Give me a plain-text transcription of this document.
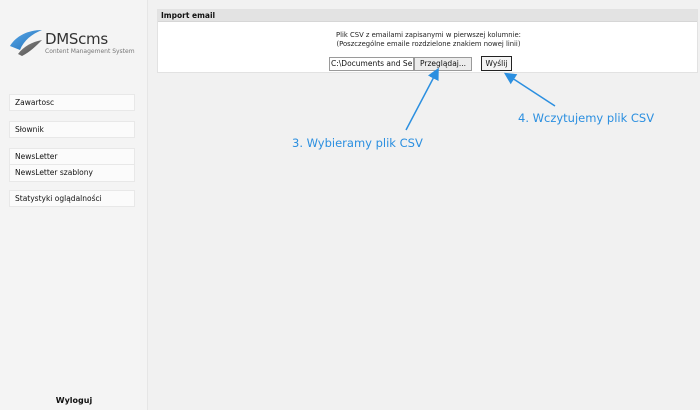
DMScms
Content Management System
Zawartosc
Słownik
NewsLetter
NewsLetter szablony
Statystyki oglądalności
Wyloguj
Import email
Plik CSV z emailami zapisanymi w pierwszej kolumnie:
(Poszczególne emaile rozdzielone znakiem nowej linii)
C:\Documents and Se	Przeglądaj...	Wyślij
3. Wybieramy plik CSV
4. Wczytujemy plik CSV
